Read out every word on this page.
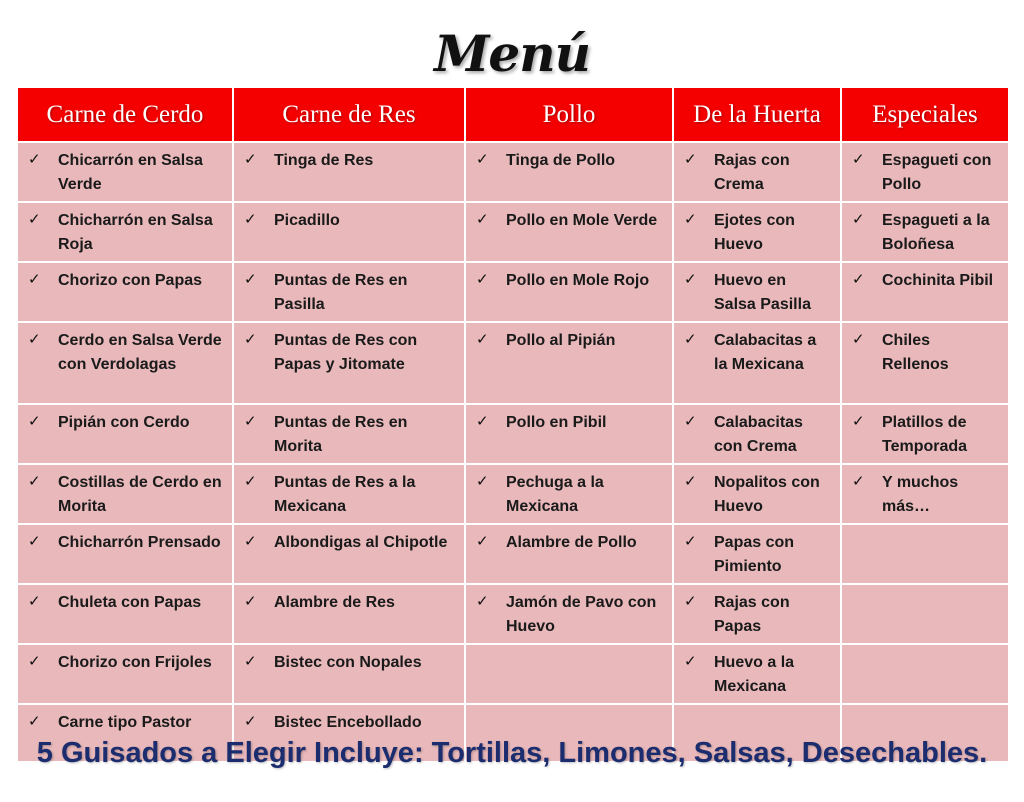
Menú
Carne de Cerdo	Carne de Res	Pollo	De la Huerta	Especiales

✓ Chicarrón en Salsa Verde	✓ Tinga de Res	✓ Tinga de Pollo	✓ Rajas con Crema	✓ Espagueti con Pollo

✓ Chicharrón en Salsa Roja	✓ Picadillo	✓ Pollo en Mole Verde	✓ Ejotes con Huevo	✓ Espagueti a la Boloñesa

✓ Chorizo con Papas	✓ Puntas de Res en Pasilla	✓ Pollo en Mole Rojo	✓ Huevo en Salsa Pasilla	✓ Cochinita Pibil

✓ Cerdo en Salsa Verde con Verdolagas	✓ Puntas de Res con Papas y Jitomate	✓ Pollo al Pipián	✓ Calabacitas a la Mexicana	✓ Chiles Rellenos

✓ Pipián con Cerdo	✓ Puntas de Res en Morita	✓ Pollo en Pibil	✓ Calabacitas con Crema	✓ Platillos de Temporada

✓ Costillas de Cerdo en Morita	✓ Puntas de Res a la Mexicana	✓ Pechuga a la Mexicana	✓ Nopalitos con Huevo	✓ Y muchos más…

✓ Chicharrón Prensado	✓ Albondigas al Chipotle	✓ Alambre de Pollo	✓ Papas con Pimiento	

✓ Chuleta con Papas	✓ Alambre de Res	✓ Jamón de Pavo con Huevo	✓ Rajas con Papas	

✓ Chorizo con Frijoles	✓ Bistec con Nopales		✓ Huevo a la Mexicana	

✓ Carne tipo Pastor	✓ Bistec Encebollado			

5 Guisados a Elegir Incluye: Tortillas, Limones, Salsas, Desechables.
